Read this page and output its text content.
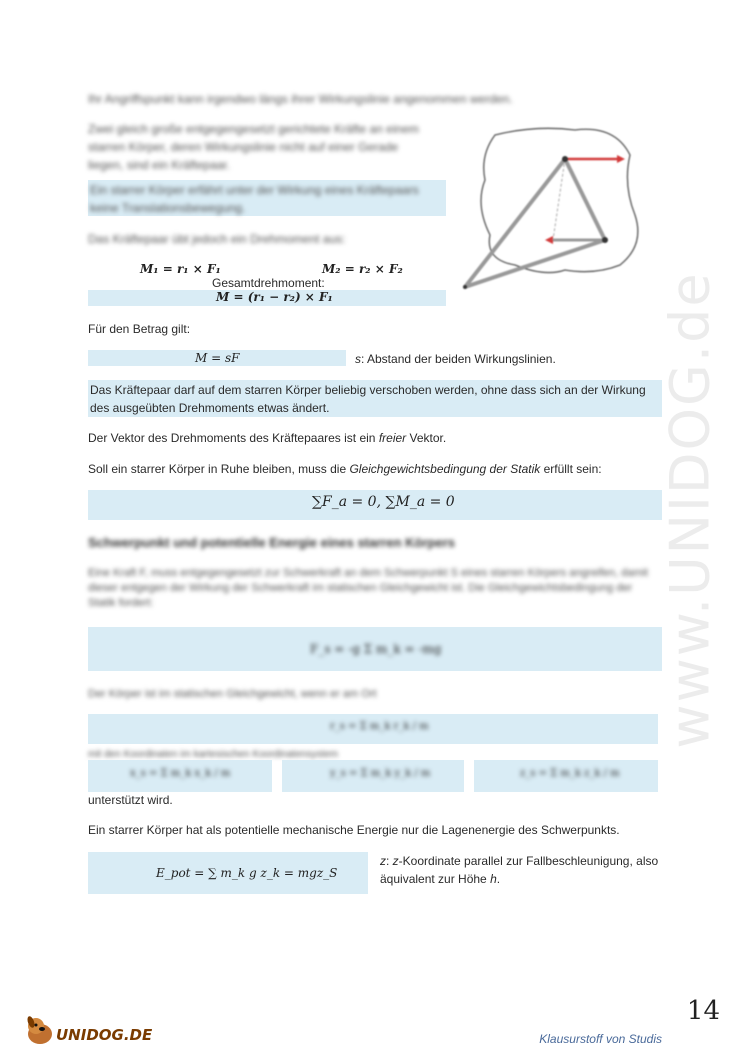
Ihr Angriffspunkt kann irgendwo längs ihrer Wirkungslinie angenommen werden.
Zwei gleich große entgegengesetzt gerichtete Kräfte an einem starren Körper, deren Wirkungslinie nicht auf einer Gerade liegen, sind ein Kräftepaar.
Ein starrer Körper erfährt unter der Wirkung eines Kräftepaars keine Translationsbewegung.
Das Kräftepaar übt jedoch ein Drehmoment aus:
M₁ = r₁ × F₁	M₂ = r₂ × F₂
Gesamtdrehmoment:
M = (r₁ − r₂) × F₁
Für den Betrag gilt:
M = sF	s: Abstand der beiden Wirkungslinien.
Das Kräftepaar darf auf dem starren Körper beliebig verschoben werden, ohne dass sich an der Wirkung des ausgeübten Drehmoments etwas ändert.
Der Vektor des Drehmoments des Kräftepaares ist ein freier Vektor.
Soll ein starrer Körper in Ruhe bleiben, muss die Gleichgewichtsbedingung der Statik erfüllt sein:
∑F_a = 0, ∑M_a = 0
Schwerpunkt und potentielle Energie eines starren Körpers
Eine Kraft F, muss entgegengesetzt zur Schwerkraft an dem Schwerpunkt S eines starren Körpers angreifen, damit dieser entgegen der Wirkung der Schwerkraft im statischen Gleichgewicht ist. Die Gleichgewichtsbedingung der Statik fordert:
F_s = -g Σ m_k = -mg
Der Körper ist im statischen Gleichgewicht, wenn er am Ort
r_s = Σ m_k r_k / m
mit den Koordinaten im kartesischen Koordinatensystem
x_s = Σ m_k x_k / m	y_s = Σ m_k y_k / m	z_s = Σ m_k z_k / m
unterstützt wird.
Ein starrer Körper hat als potentielle mechanische Energie nur die Lagenenergie des Schwerpunkts.
E_pot = ∑ m_k g z_k = mgz_S
z: z-Koordinate parallel zur Fallbeschleunigung, also
äquivalent zur Höhe h.
www.UNIDOG.de
14
Klausurstoff von Studis
UNIDOG.DE
